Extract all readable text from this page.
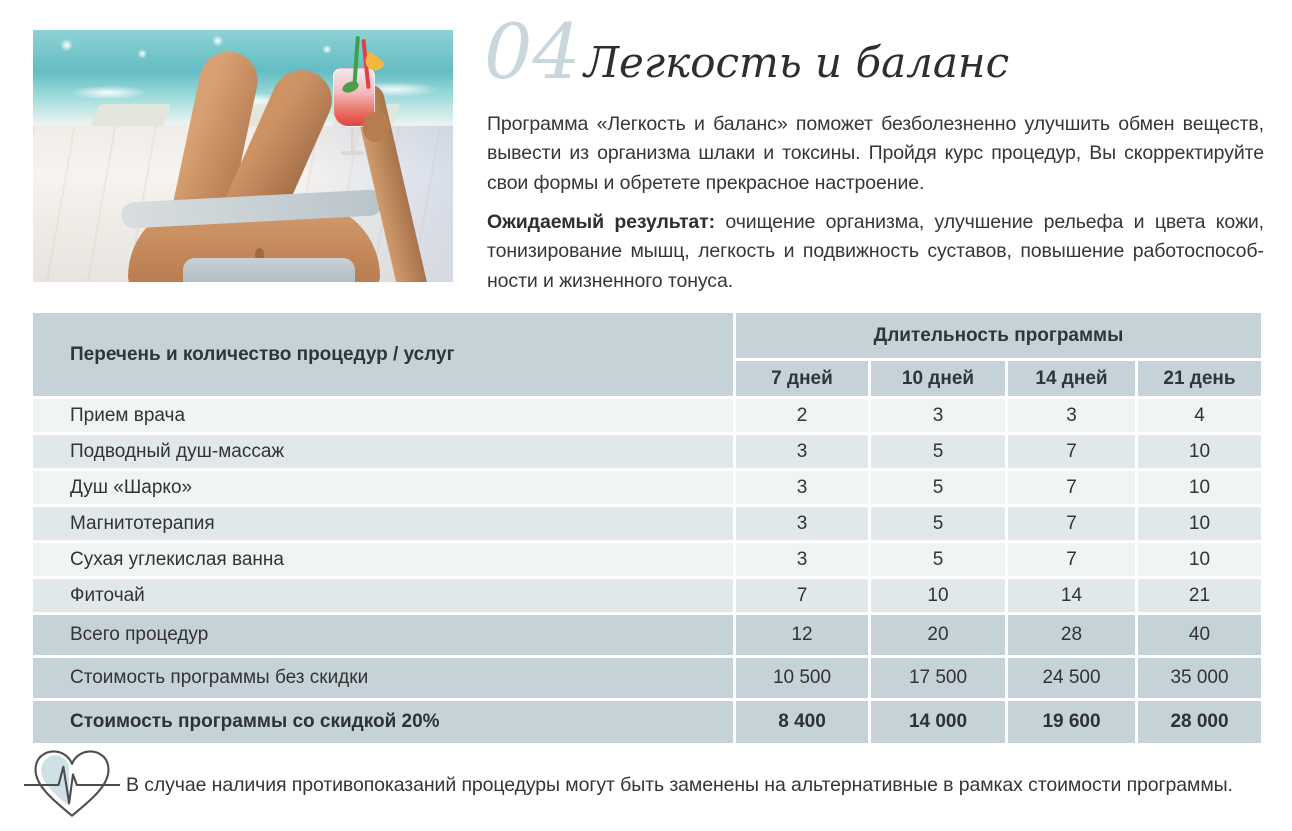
04 Легкость и баланс

Программа «Легкость и баланс» поможет безболезненно улучшить обмен веществ, вывести из организма шлаки и токсины. Пройдя курс процедур, Вы скорректируйте свои формы и обретете прекрасное настроение.

Ожидаемый результат: очищение организма, улучшение рельефа и цвета кожи, тонизирование мышц, легкость и подвижность суставов, повышение работоспособности и жизненного тонуса.

Перечень и количество процедур / услуг
Длительность программы
7 дней	10 дней	14 дней	21 день
Прием врача	2	3	3	4
Подводный душ-массаж	3	5	7	10
Душ «Шарко»	3	5	7	10
Магнитотерапия	3	5	7	10
Сухая углекислая ванна	3	5	7	10
Фиточай	7	10	14	21
Всего процедур	12	20	28	40
Стоимость программы без скидки	10 500	17 500	24 500	35 000
Стоимость программы со скидкой 20%	8 400	14 000	19 600	28 000
В случае наличия противопоказаний процедуры могут быть заменены на альтернативные в рамках стоимости программы.
